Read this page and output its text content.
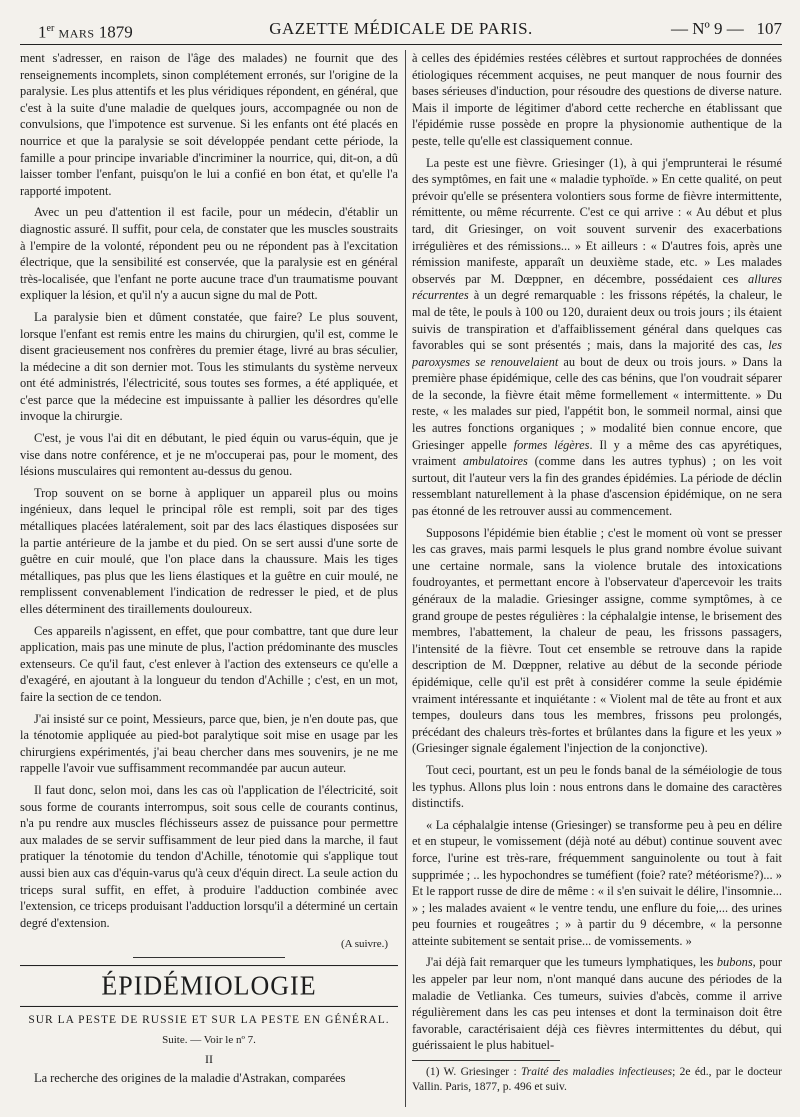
1er MARS 1879	GAZETTE MÉDICALE DE PARIS.	— Nº 9 — 107

ment s'adresser, en raison de l'âge des malades) ne fournit que des renseignements incomplets, sinon complétement erronés, sur l'origine de la paralysie. Les plus attentifs et les plus véridiques répondent, en général, que c'est à la suite d'une maladie de quelques jours, accompagnée ou non de convulsions, que l'impotence est survenue. Si les enfants ont été placés en nourrice et que la paralysie se soit développée pendant cette période, la famille a pour principe invariable d'incriminer la nourrice, qui, dit-on, a dû laisser tomber l'enfant, puisqu'on le lui a confié en bon état, et qu'elle l'a rapporté impotent.

Avec un peu d'attention il est facile, pour un médecin, d'établir un diagnostic assuré. Il suffit, pour cela, de constater que les muscles soustraits à l'empire de la volonté, répondent peu ou ne répondent pas à l'excitation électrique, que la sensibilité est conservée, que la paralysie est en général très-localisée, que l'enfant ne porte aucune trace d'un traumatisme pouvant expliquer la lésion, et qu'il n'y a aucun signe du mal de Pott.

La paralysie bien et dûment constatée, que faire? Le plus souvent, lorsque l'enfant est remis entre les mains du chirurgien, qu'il est, comme le disent gracieusement nos confrères du premier étage, livré au bras séculier, la médecine a dit son dernier mot. Tous les stimulants du système nerveux ont été administrés, l'électricité, sous toutes ses formes, a été appliquée, et c'est parce que la médecine est impuissante à pallier les désordres qu'elle invoque la chirurgie.

C'est, je vous l'ai dit en débutant, le pied équin ou varus-équin, que je vise dans notre conférence, et je ne m'occuperai pas, pour le moment, des lésions musculaires qui remontent au-dessus du genou.

Trop souvent on se borne à appliquer un appareil plus ou moins ingénieux, dans lequel le principal rôle est rempli, soit par des tiges métalliques placées latéralement, soit par des lacs élastiques disposées sur la partie antérieure de la jambe et du pied. On se sert aussi d'une sorte de guêtre en cuir moulé, que l'on place dans la chaussure. Mais les tiges métalliques, pas plus que les liens élastiques et la guêtre en cuir moulé, ne remplissent convenablement l'indication de redresser le pied, et de plus elles déterminent des tiraillements douloureux.

Ces appareils n'agissent, en effet, que pour combattre, tant que dure leur application, mais pas une minute de plus, l'action prédominante des muscles extenseurs. Ce qu'il faut, c'est enlever à l'action des extenseurs ce qu'elle a d'exagéré, en ajoutant à la longueur du tendon d'Achille ; c'est, en un mot, faire la section de ce tendon.

J'ai insisté sur ce point, Messieurs, parce que, bien, je n'en doute pas, que la ténotomie appliquée au pied-bot paralytique soit mise en usage par les chirurgiens expérimentés, j'ai beau chercher dans mes souvenirs, je ne me rappelle l'avoir vue suffisamment recommandée par aucun auteur.

Il faut donc, selon moi, dans les cas où l'application de l'électricité, soit sous forme de courants interrompus, soit sous celle de courants continus, n'a pu rendre aux muscles fléchisseurs assez de puissance pour permettre aux malades de se servir suffisamment de leur pied dans la marche, il faut pratiquer la ténotomie du tendon d'Achille, ténotomie qui s'applique tout aussi bien aux cas d'équin-varus qu'à ceux d'équin direct. La seule action du triceps sural suffit, en effet, à produire l'adduction combinée avec l'extension, ce triceps produisant l'adduction lorsqu'il a déterminé un certain degré d'extension.

(A suivre.)
ÉPIDÉMIOLOGIE
SUR LA PESTE DE RUSSIE ET SUR LA PESTE EN GÉNÉRAL.
Suite. — Voir le nº 7.
II

La recherche des origines de la maladie d'Astrakan, comparées

à celles des épidémies restées célèbres et surtout rapprochées de données étiologiques récemment acquises, ne peut manquer de nous fournir des bases sérieuses d'induction, pour résoudre des questions de diverse nature. Mais il importe de légitimer d'abord cette recherche en établissant que l'épidémie russe possède en propre la physionomie authentique de la peste, telle qu'elle est classiquement connue.

La peste est une fièvre. Griesinger (1), à qui j'emprunterai le résumé des symptômes, en fait une « maladie typhoïde. » En cette qualité, on peut prévoir qu'elle se présentera volontiers sous forme de fièvre intermittente, rémittente, ou même récurrente. C'est ce qui arrive : « Au début et plus tard, dit Griesinger, on voit souvent survenir des exacerbations irrégulières et des rémissions... » Et ailleurs : « D'autres fois, après une rémission manifeste, apparaît un deuxième stade, etc. » Les malades observés par M. Dœppner, en décembre, possédaient ces allures récurrentes à un degré remarquable : les frissons répétés, la chaleur, le mal de tête, le pouls à 100 ou 120, duraient deux ou trois jours ; ils étaient suivis de transpiration et d'affaiblissement général dans quelques cas favorables qui se sont présentés ; mais, dans la majorité des cas, les paroxysmes se renouvelaient au bout de deux ou trois jours. » Dans la première phase épidémique, celle des cas bénins, que l'on voudrait séparer de la seconde, la fièvre était même formellement « intermittente. » Du reste, « les malades sur pied, l'appétit bon, le sommeil normal, ainsi que les autres fonctions organiques ; » modalité bien connue encore, que Griesinger appelle formes légères. Il y a même des cas apyrétiques, vraiment ambulatoires (comme dans les autres typhus) ; on les voit surtout, dit l'auteur vers la fin des grandes épidémies. La période de déclin ressemblant naturellement à la phase d'ascension épidémique, on ne sera pas étonné de les retrouver aussi au commencement.

Supposons l'épidémie bien établie ; c'est le moment où vont se presser les cas graves, mais parmi lesquels le plus grand nombre évolue suivant une certaine normale, sans la violence brutale des intoxications foudroyantes, et permettant encore à l'observateur d'apercevoir les traits généraux de la maladie. Griesinger assigne, comme symptômes, à ce grand groupe de pestes régulières : la céphalalgie intense, le brisement des membres, l'abattement, la chaleur de peau, les frissons passagers, l'intensité de la fièvre. Tout cet ensemble se retrouve dans la rapide description de M. Dœppner, relative au début de la seconde période épidémique, celle qu'il est prêt à considérer comme la seule épidémie vraiment intéressante et inquiétante : « Violent mal de tête au front et aux tempes, douleurs dans tous les membres, frissons peu prolongés, précédant des chaleurs très-fortes et brûlantes dans la figure et les yeux » (Griesinger signale également l'injection de la conjonctive).

Tout ceci, pourtant, est un peu le fonds banal de la séméiologie de tous les typhus. Allons plus loin : nous entrons dans le domaine des caractères distinctifs.

« La céphalalgie intense (Griesinger) se transforme peu à peu en délire et en stupeur, le vomissement (déjà noté au début) continue souvent avec force, l'urine est très-rare, fréquemment sanguinolente ou tout à fait supprimée ; .. les hypochondres se tuméfient (foie? rate? météorisme?)... » Et le rapport russe de dire de même : « il s'en suivait le délire, l'insomnie... » ; les malades avaient « le ventre tendu, une enflure du foie,... des urines peu fournies et rougeâtres ; » à partir du 9 décembre, « la personne atteinte subitement se sentait prise... de vomissements. »

J'ai déjà fait remarquer que les tumeurs lymphatiques, les bubons, pour les appeler par leur nom, n'ont manqué dans aucune des périodes de la maladie de Vetlianka. Ces tumeurs, suivies d'abcès, comme il arrive régulièrement dans les cas peu intenses et dont la terminaison doit être favorable, caractérisaient déjà ces fièvres intermittentes du début, qui guérissaient le plus habituel-

(1) W. Griesinger : Traité des maladies infectieuses; 2e éd., par le docteur Vallin. Paris, 1877, p. 496 et suiv.
